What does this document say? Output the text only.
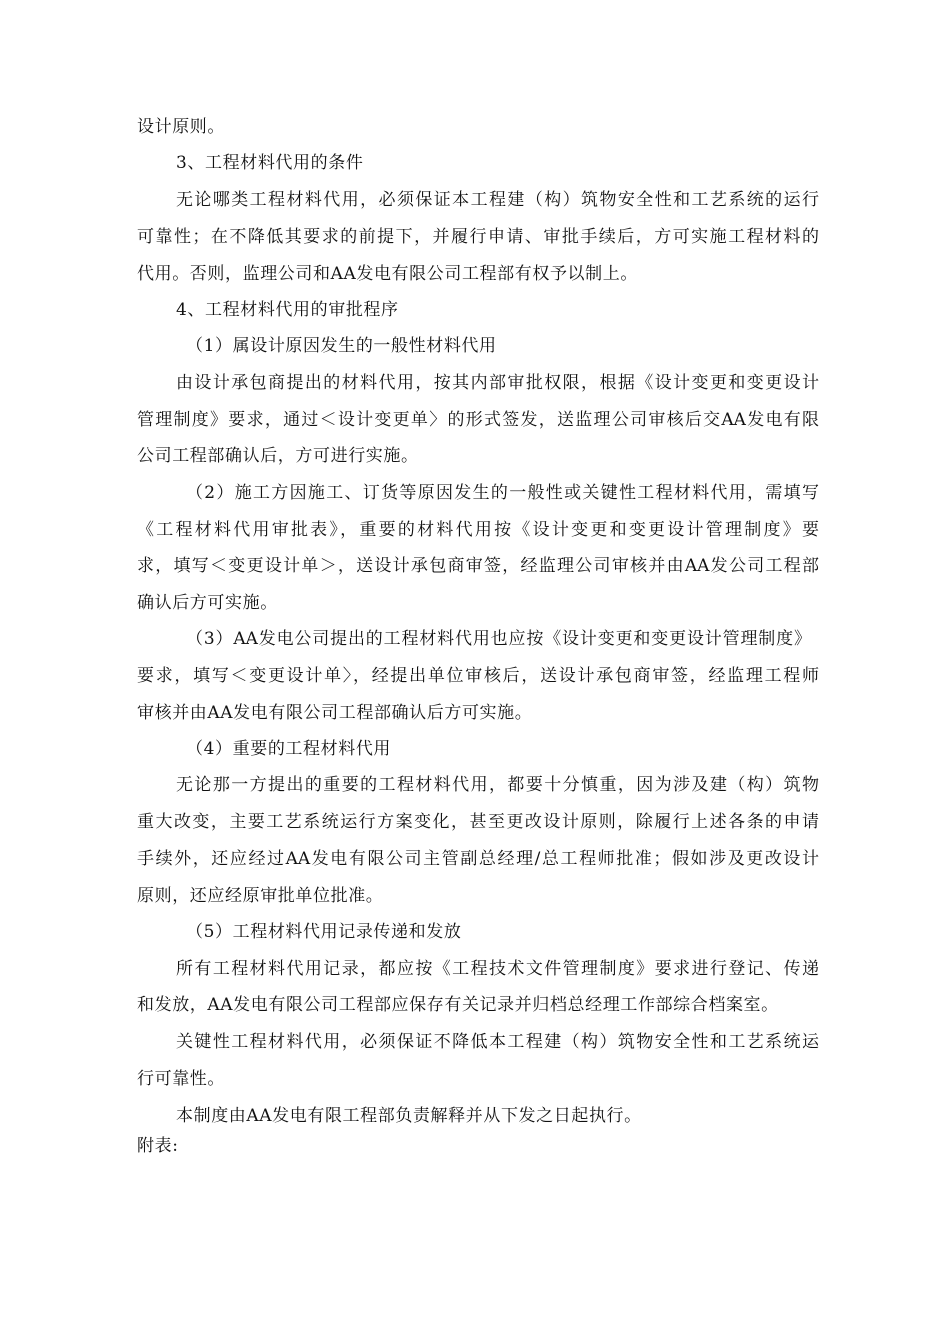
设计原则。
3、工程材料代用的条件
无论哪类工程材料代用，必须保证本工程建（构）筑物安全性和工艺系统的运行
可靠性；在不降低其要求的前提下，并履行申请、审批手续后，方可实施工程材料的
代用。否则，监理公司和AA发电有限公司工程部有权予以制上。
4、工程材料代用的审批程序
（1）属设计原因发生的一般性材料代用
由设计承包商提出的材料代用，按其内部审批权限，根据《设计变更和变更设计
管理制度》要求，通过＜设计变更单〉的形式签发，送监理公司审核后交AA发电有限
公司工程部确认后，方可进行实施。
（2）施工方因施工、订货等原因发生的一般性或关键性工程材料代用，需填写
《工程材料代用审批表》，重要的材料代用按《设计变更和变更设计管理制度》要
求，填写＜变更设计单＞，送设计承包商审签，经监理公司审核并由AA发公司工程部
确认后方可实施。
（3）AA发电公司提出的工程材料代用也应按《设计变更和变更设计管理制度》
要求，填写＜变更设计单〉，经提出单位审核后，送设计承包商审签，经监理工程师
审核并由AA发电有限公司工程部确认后方可实施。
（4）重要的工程材料代用
无论那一方提出的重要的工程材料代用，都要十分慎重，因为涉及建（构）筑物
重大改变，主要工艺系统运行方案变化，甚至更改设计原则，除履行上述各条的申请
手续外，还应经过AA发电有限公司主管副总经理/总工程师批准；假如涉及更改设计
原则，还应经原审批单位批准。
（5）工程材料代用记录传递和发放
所有工程材料代用记录，都应按《工程技术文件管理制度》要求进行登记、传递
和发放，AA发电有限公司工程部应保存有关记录并归档总经理工作部综合档案室。
关键性工程材料代用，必须保证不降低本工程建（构）筑物安全性和工艺系统运
行可靠性。
本制度由AA发电有限工程部负责解释并从下发之日起执行。
附表:
